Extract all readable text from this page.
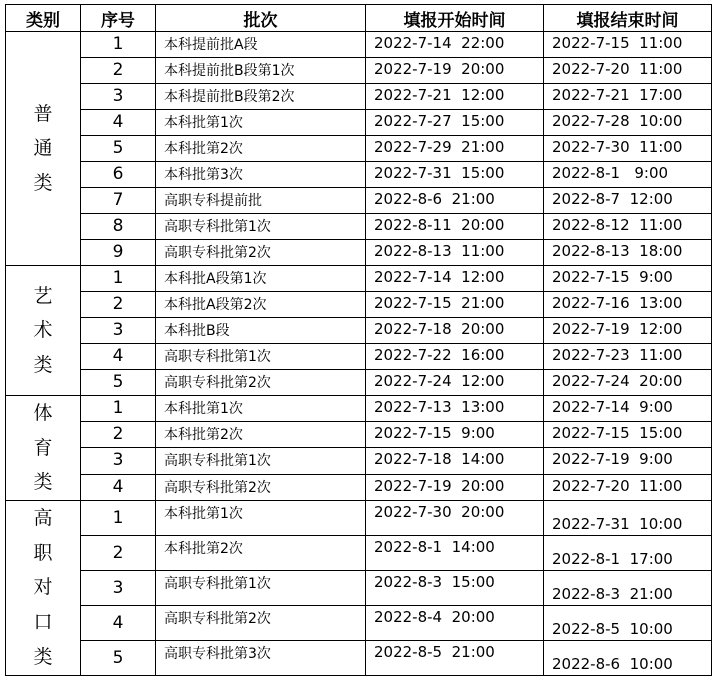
类别	序号	批次	填报开始时间	填报结束时间

普
通
类	1	本科提前批A段	2022-7-14  22:00	2022-7-15  11:00
	2	本科提前批B段第1次	2022-7-19  20:00	2022-7-20  11:00
	3	本科提前批B段第2次	2022-7-21  12:00	2022-7-21  17:00
	4	本科批第1次	2022-7-27  15:00	2022-7-28  10:00
	5	本科批第2次	2022-7-29  21:00	2022-7-30  11:00
	6	本科批第3次	2022-7-31  15:00	2022-8-1   9:00
	7	高职专科提前批	2022-8-6  21:00	2022-8-7  12:00
	8	高职专科批第1次	2022-8-11  20:00	2022-8-12  11:00
	9	高职专科批第2次	2022-8-13  11:00	2022-8-13  18:00

艺
术
类	1	本科批A段第1次	2022-7-14  12:00	2022-7-15  9:00
	2	本科批A段第2次	2022-7-15  21:00	2022-7-16  13:00
	3	本科批B段	2022-7-18  20:00	2022-7-19  12:00
	4	高职专科批第1次	2022-7-22  16:00	2022-7-23  11:00
	5	高职专科批第2次	2022-7-24  12:00	2022-7-24  20:00

体
育
类	1	本科批第1次	2022-7-13  13:00	2022-7-14  9:00
	2	本科批第2次	2022-7-15  9:00	2022-7-15  15:00
	3	高职专科批第1次	2022-7-18  14:00	2022-7-19  9:00
	4	高职专科批第2次	2022-7-19  20:00	2022-7-20  11:00

高
职
对
口
类	1	本科批第1次	2022-7-30  20:00	2022-7-31  10:00
	2	本科批第2次	2022-8-1  14:00	2022-8-1  17:00
	3	高职专科批第1次	2022-8-3  15:00	2022-8-3  21:00
	4	高职专科批第2次	2022-8-4  20:00	2022-8-5  10:00
	5	高职专科批第3次	2022-8-5  21:00	2022-8-6  10:00
